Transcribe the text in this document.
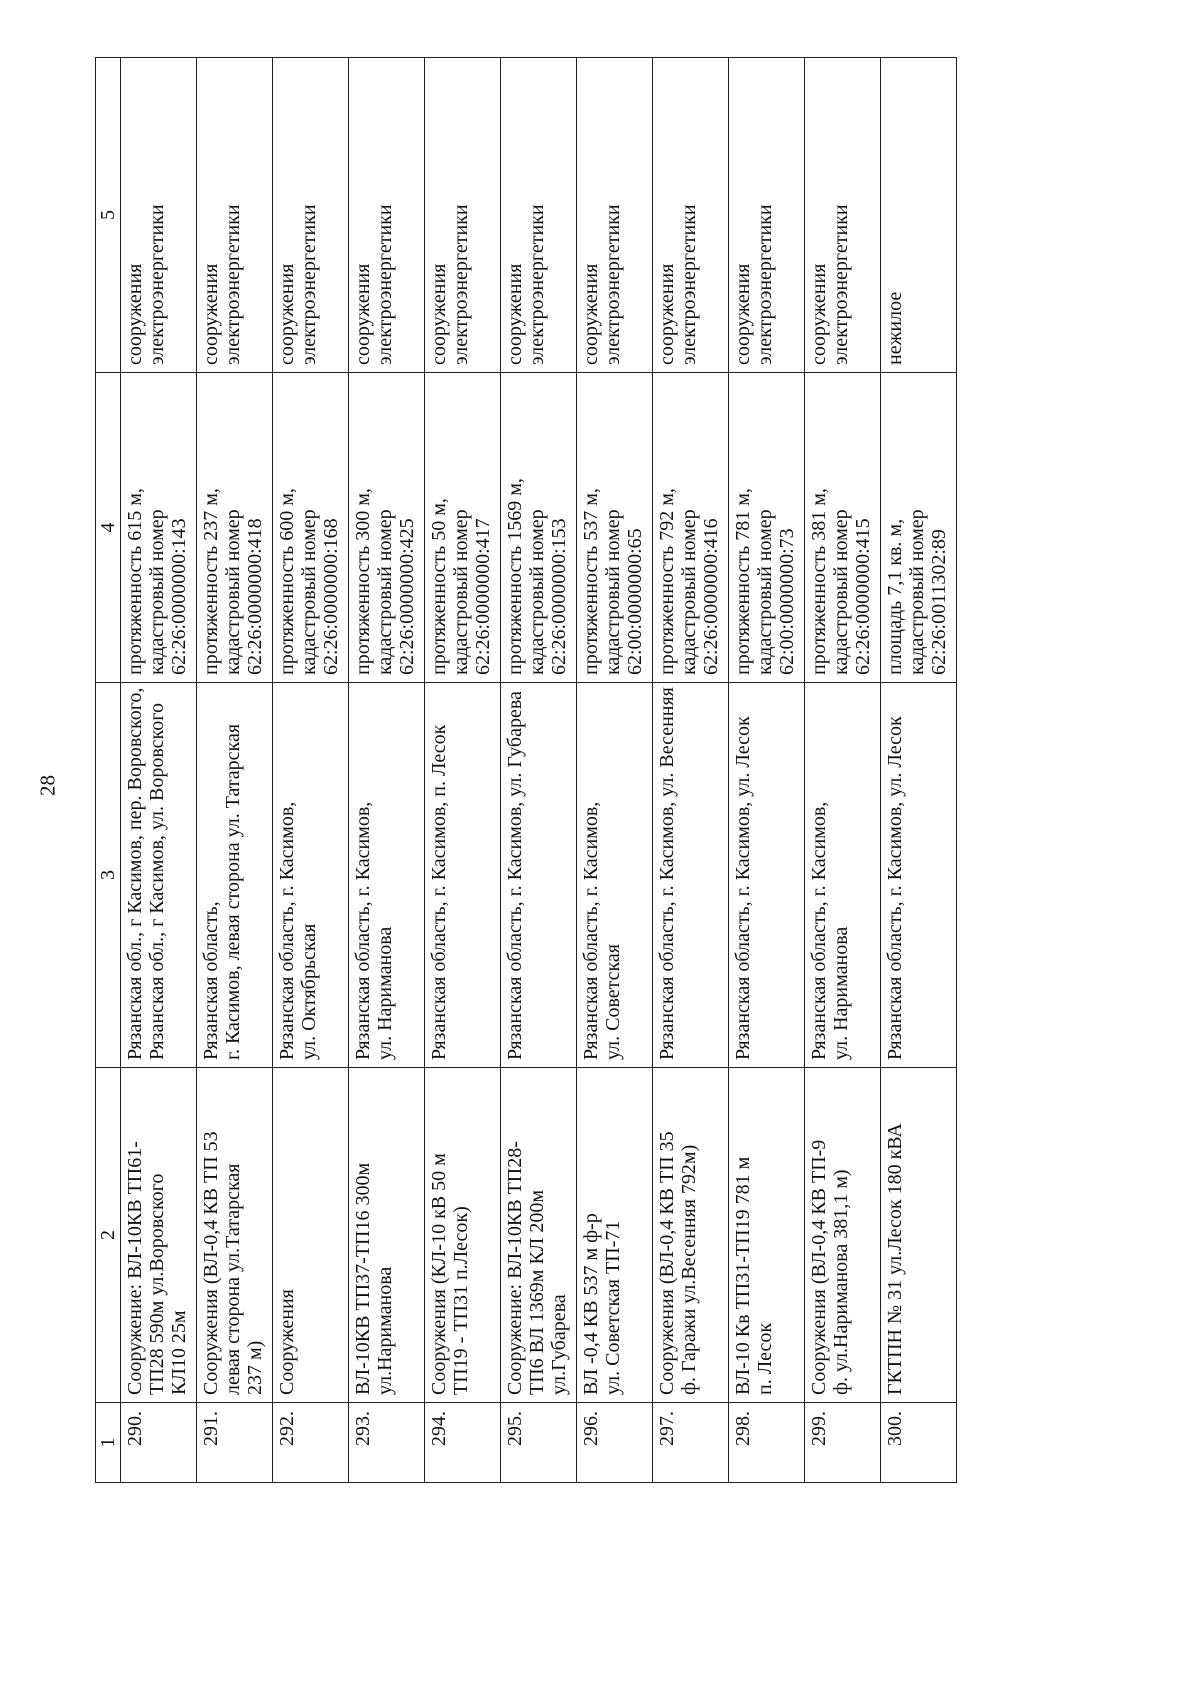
28
1	2	3	4	5
290.	Сооружение: ВЛ-10КВ ТП61- ТП28 590м ул.Воровского КЛ10 25м	Рязанская обл., г Касимов, пер. Воровского, Рязанская обл., г Касимов, ул. Воровского	протяженность 615 м, кадастровый номер 62:26:0000000:143	сооружения электроэнергетики

291.	Сооружения (ВЛ-0,4 КВ ТП 53 левая сторона ул.Татарская 237 м)	Рязанская область, г. Касимов, левая сторона ул. Татарская	протяженность 237 м, кадастровый номер 62:26:0000000:418	сооружения электроэнергетики

292.	Сооружения	Рязанская область, г. Касимов, ул. Октябрьская	протяженность 600 м, кадастровый номер 62:26:0000000:168	сооружения электроэнергетики

293.	ВЛ-10КВ ТП37-ТП16 300м ул.Нариманова	Рязанская область, г. Касимов, ул. Нариманова	протяженность 300 м, кадастровый номер 62:26:0000000:425	сооружения электроэнергетики

294.	Сооружения (КЛ-10 кВ 50 м ТП19 - ТП31 п.Лесок)	Рязанская область, г. Касимов, п. Лесок	протяженность 50 м, кадастровый номер 62:26:0000000:417	сооружения электроэнергетики

295.	Сооружение: ВЛ-10КВ ТП28- ТП6 ВЛ 1369м КЛ 200м ул.Губарева	Рязанская область, г. Касимов, ул. Губарева	протяженность 1569 м, кадастровый номер 62:26:0000000:153	сооружения электроэнергетики

296.	ВЛ -0,4 КВ 537 м ф-р ул. Советская ТП-71	Рязанская область, г. Касимов, ул. Советская	протяженность 537 м, кадастровый номер 62:00:0000000:65	сооружения электроэнергетики

297.	Сооружения (ВЛ-0,4 КВ ТП 35 ф. Гаражи ул.Весенняя 792м)	Рязанская область, г. Касимов, ул. Весенняя	протяженность 792 м, кадастровый номер 62:26:0000000:416	сооружения электроэнергетики

298.	ВЛ-10 Кв ТП31-ТП19 781 м п. Лесок	Рязанская область, г. Касимов, ул. Лесок	протяженность 781 м, кадастровый номер 62:00:0000000:73	сооружения электроэнергетики

299.	Сооружения (ВЛ-0,4 КВ ТП-9 ф. ул.Нариманова 381,1 м)	Рязанская область, г. Касимов, ул. Нариманова	протяженность 381 м, кадастровый номер 62:26:0000000:415	сооружения электроэнергетики

300.	ГКТПН № 31 ул.Лесок 180 кВА	Рязанская область, г. Касимов, ул. Лесок	площадь 7,1 кв. м, кадастровый номер 62:26:0011302:89	нежилое
